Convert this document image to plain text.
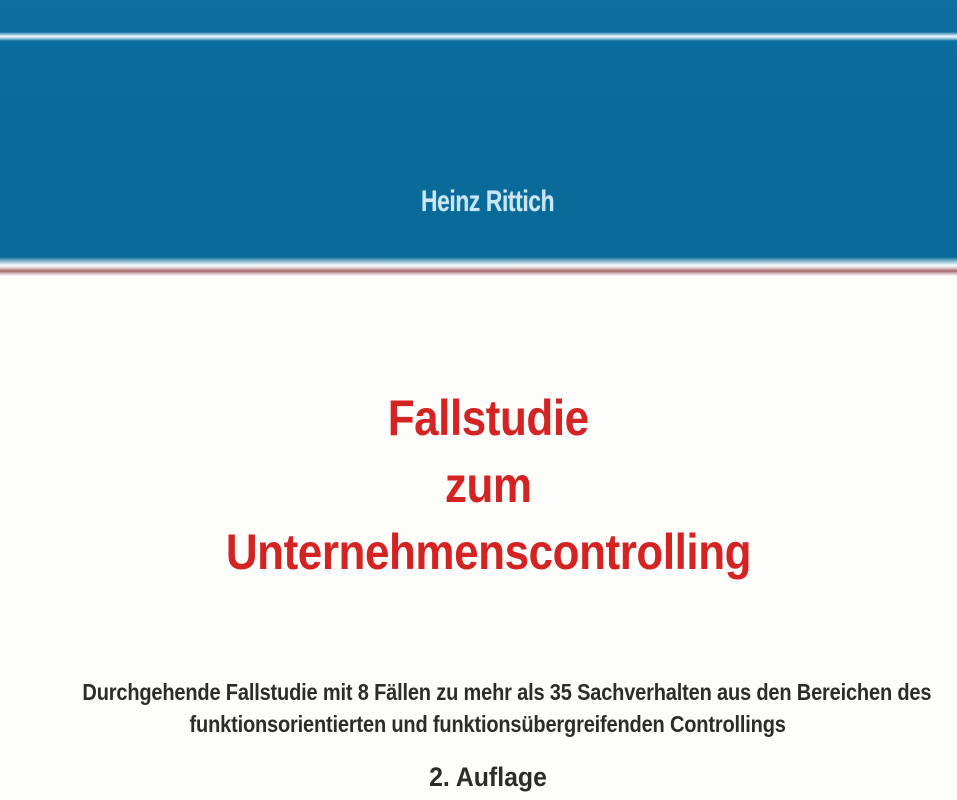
Heinz Rittich
Fallstudie
zum
Unternehmenscontrolling
Durchgehende Fallstudie mit 8 Fällen zu mehr als 35 Sachverhalten aus den Bereichen des
funktionsorientierten und funktionsübergreifenden Controllings
2. Auflage
